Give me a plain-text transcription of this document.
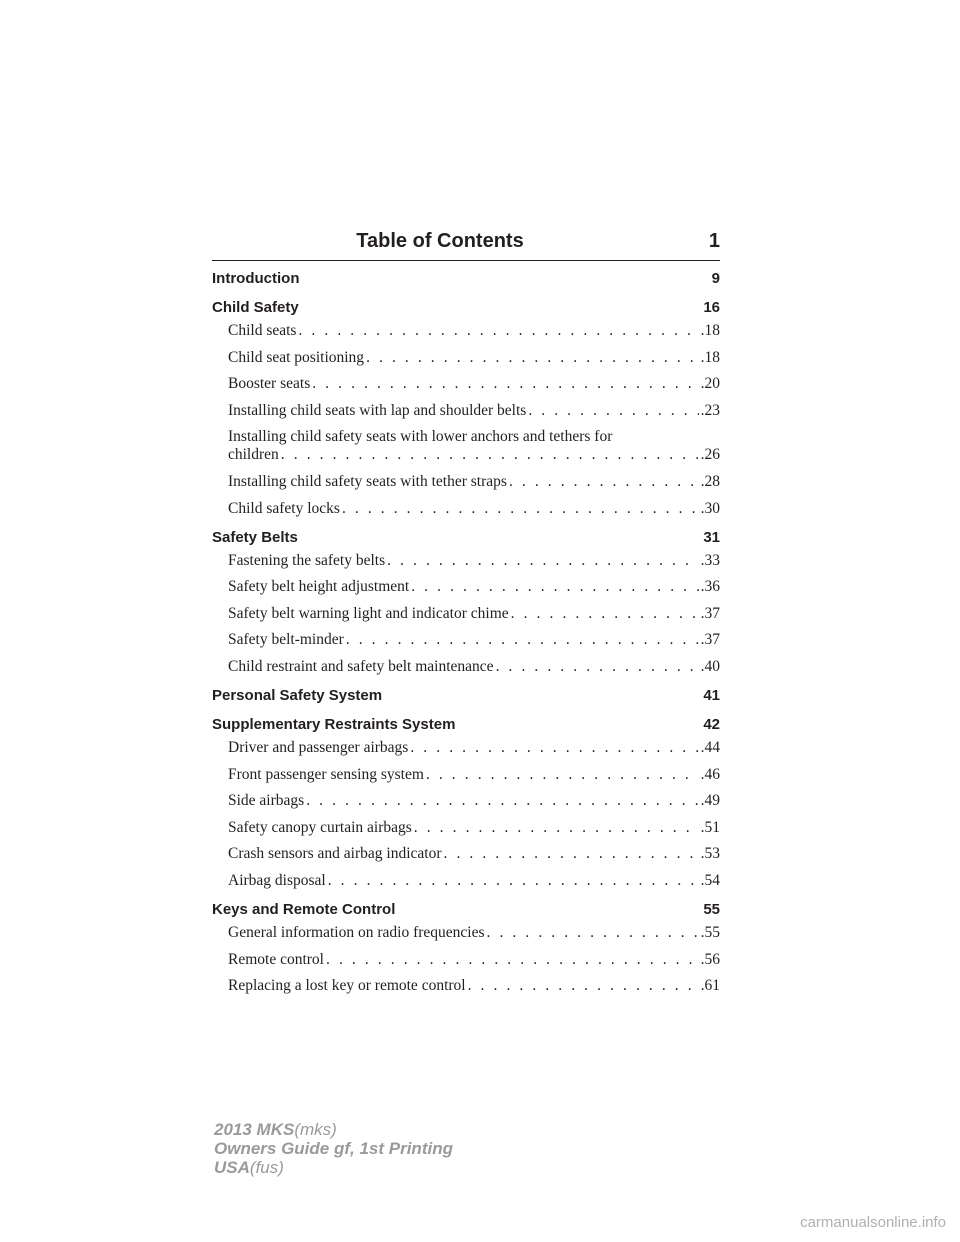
Table of Contents	1
Introduction	9
Child Safety	16
Child seats . . .	.18
Child seat positioning . . .	.18
Booster seats . . .	.20
Installing child seats with lap and shoulder belts . . .	.23
Installing child safety seats with lower anchors and tethers for
children . . .	.26
Installing child safety seats with tether straps . . .	.28
Child safety locks . . .	.30
Safety Belts	31
Fastening the safety belts . . .	.33
Safety belt height adjustment . . .	.36
Safety belt warning light and indicator chime . . .	.37
Safety belt-minder . . .	.37
Child restraint and safety belt maintenance . . .	.40
Personal Safety System	41
Supplementary Restraints System	42
Driver and passenger airbags . . .	.44
Front passenger sensing system . . .	.46
Side airbags . . .	.49
Safety canopy curtain airbags . . .	.51
Crash sensors and airbag indicator . . .	.53
Airbag disposal . . .	.54
Keys and Remote Control	55
General information on radio frequencies . . .	.55
Remote control . . .	.56
Replacing a lost key or remote control . . .	.61
2013 MKS(mks)
Owners Guide gf, 1st Printing
USA(fus)
carmanualsonline.info
